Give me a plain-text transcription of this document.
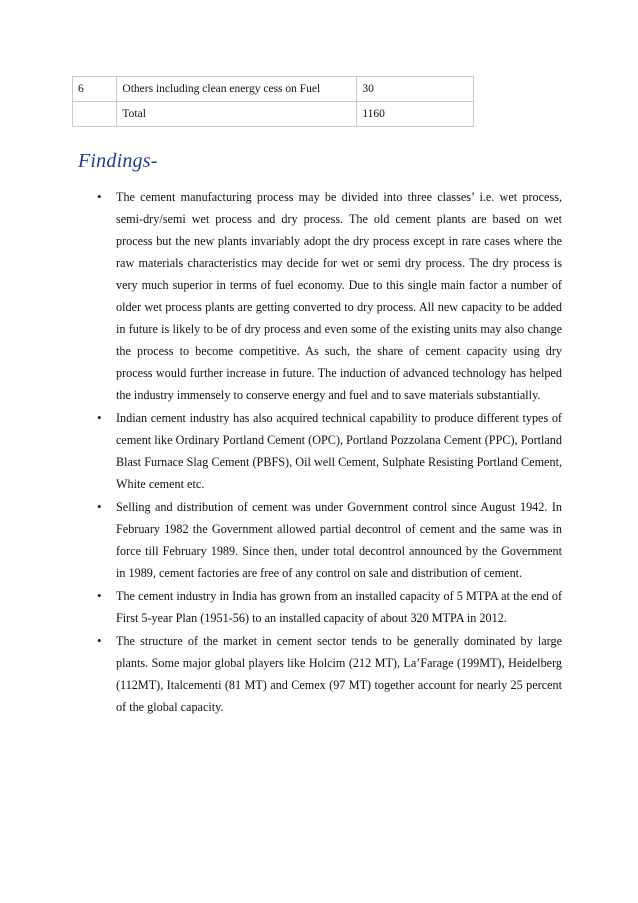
6	Others including clean energy cess on Fuel	30
	Total	1160
Findings-
• The cement manufacturing process may be divided into three classes’ i.e. wet process, semi-dry/semi wet process and dry process. The old cement plants are based on wet process but the new plants invariably adopt the dry process except in rare cases where the raw materials characteristics may decide for wet or semi dry process. The dry process is very much superior in terms of fuel economy. Due to this single main factor a number of older wet process plants are getting converted to dry process. All new capacity to be added in future is likely to be of dry process and even some of the existing units may also change the process to become competitive. As such, the share of cement capacity using dry process would further increase in future. The induction of advanced technology has helped the industry immensely to conserve energy and fuel and to save materials substantially.
• Indian cement industry has also acquired technical capability to produce different types of cement like Ordinary Portland Cement (OPC), Portland Pozzolana Cement (PPC), Portland Blast Furnace Slag Cement (PBFS), Oil well Cement, Sulphate Resisting Portland Cement, White cement etc.
• Selling and distribution of cement was under Government control since August 1942. In February 1982 the Government allowed partial decontrol of cement and the same was in force till February 1989. Since then, under total decontrol announced by the Government in 1989, cement factories are free of any control on sale and distribution of cement.
• The cement industry in India has grown from an installed capacity of 5 MTPA at the end of First 5-year Plan (1951-56) to an installed capacity of about 320 MTPA in 2012.
• The structure of the market in cement sector tends to be generally dominated by large plants. Some major global players like Holcim (212 MT), La’Farage (199MT), Heidelberg (112MT), Italcementi (81 MT) and Cemex (97 MT) together account for nearly 25 percent of the global capacity.
